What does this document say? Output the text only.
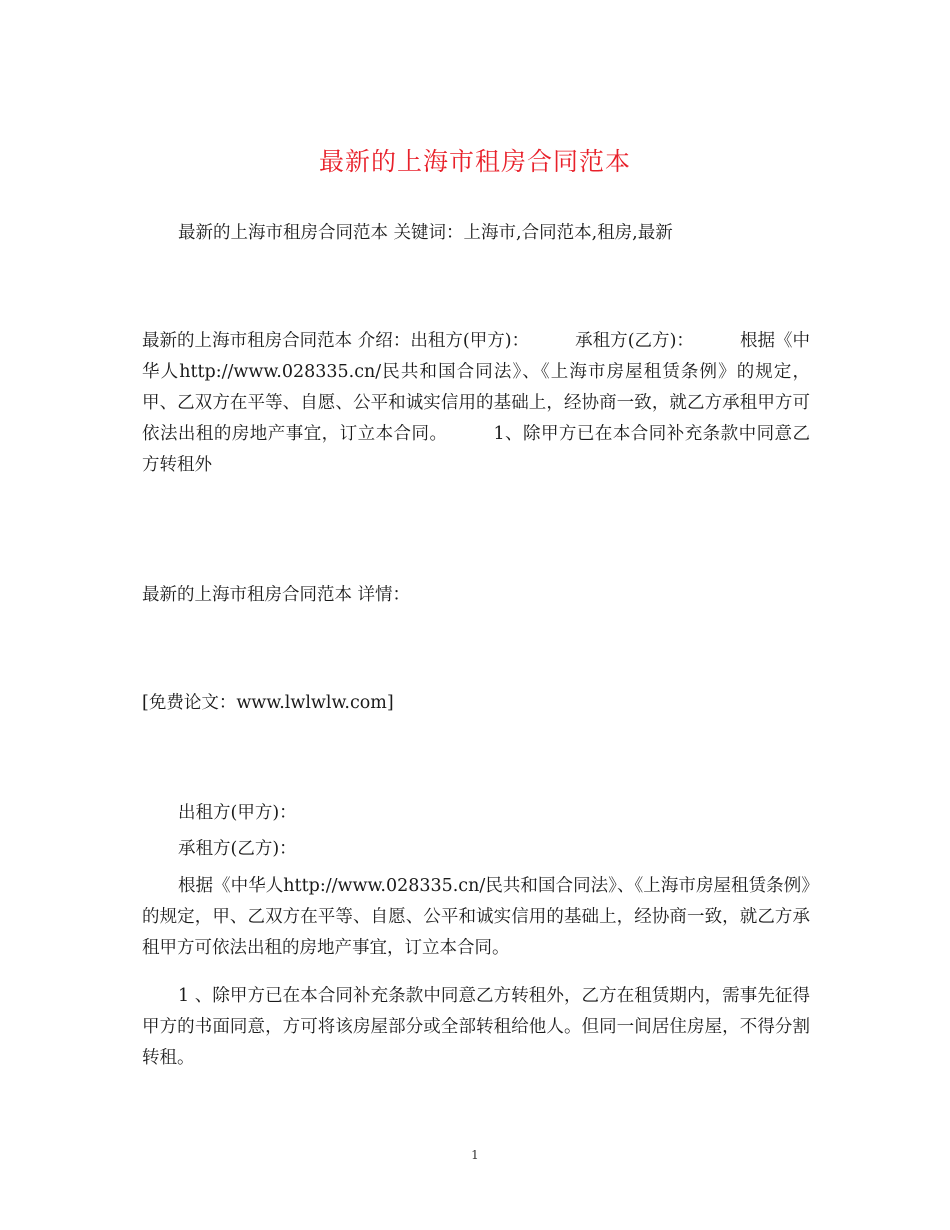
最新的上海市租房合同范本

最新的上海市租房合同范本 关键词：上海市,合同范本,租房,最新

最新的上海市租房合同范本 介绍：出租方(甲方)：	承租方(乙方)：	根据《中华人http://www.028335.cn/民共和国合同法》、《上海市房屋租赁条例》的规定，甲、乙双方在平等、自愿、公平和诚实信用的基础上，经协商一致，就乙方承租甲方可依法出租的房地产事宜，订立本合同。	1、除甲方已在本合同补充条款中同意乙方转租外

最新的上海市租房合同范本 详情：

[免费论文：www.lwlwlw.com]

出租方(甲方)：

承租方(乙方)：

根据《中华人http://www.028335.cn/民共和国合同法》、《上海市房屋租赁条例》的规定，甲、乙双方在平等、自愿、公平和诚实信用的基础上，经协商一致，就乙方承租甲方可依法出租的房地产事宜，订立本合同。

1 、除甲方已在本合同补充条款中同意乙方转租外，乙方在租赁期内，需事先征得甲方的书面同意，方可将该房屋部分或全部转租给他人。但同一间居住房屋，不得分割转租。

1
